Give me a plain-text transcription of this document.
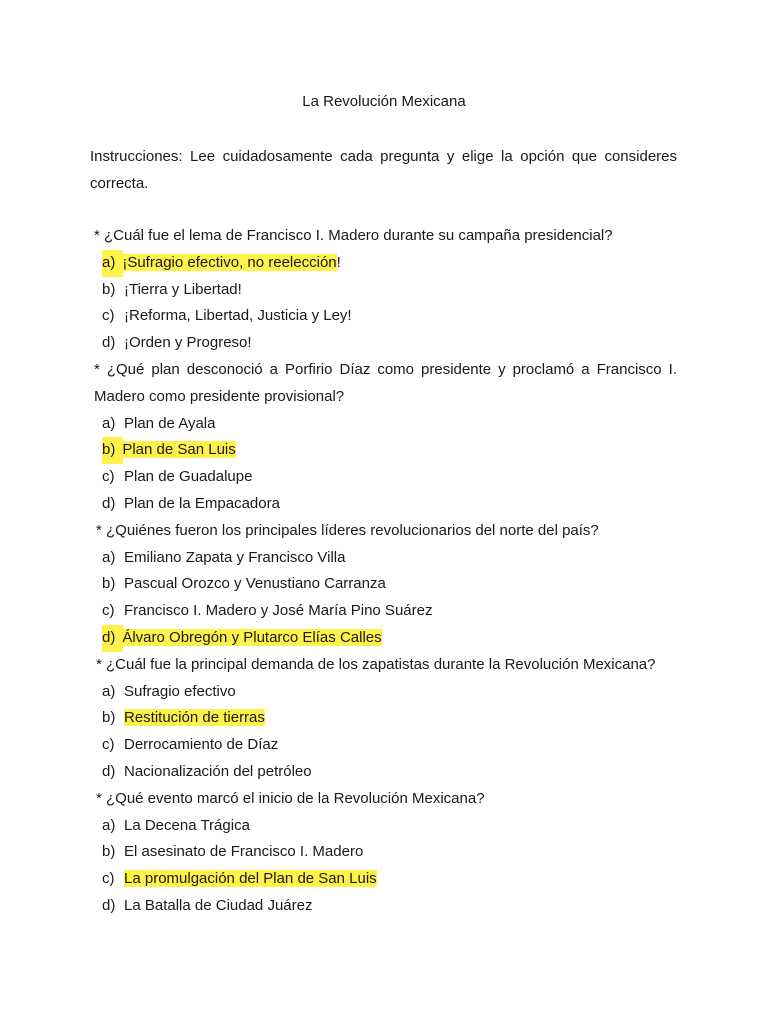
La Revolución Mexicana

Instrucciones: Lee cuidadosamente cada pregunta y elige la opción que consideres correcta.

* ¿Cuál fue el lema de Francisco I. Madero durante su campaña presidencial?
a) ¡Sufragio efectivo, no reelección!
b) ¡Tierra y Libertad!
c) ¡Reforma, Libertad, Justicia y Ley!
d) ¡Orden y Progreso!
* ¿Qué plan desconoció a Porfirio Díaz como presidente y proclamó a Francisco I. Madero como presidente provisional?
a) Plan de Ayala
b) Plan de San Luis
c) Plan de Guadalupe
d) Plan de la Empacadora
* ¿Quiénes fueron los principales líderes revolucionarios del norte del país?
a) Emiliano Zapata y Francisco Villa
b) Pascual Orozco y Venustiano Carranza
c) Francisco I. Madero y José María Pino Suárez
d) Álvaro Obregón y Plutarco Elías Calles
* ¿Cuál fue la principal demanda de los zapatistas durante la Revolución Mexicana?
a) Sufragio efectivo
b) Restitución de tierras
c) Derrocamiento de Díaz
d) Nacionalización del petróleo
* ¿Qué evento marcó el inicio de la Revolución Mexicana?
a) La Decena Trágica
b) El asesinato de Francisco I. Madero
c) La promulgación del Plan de San Luis
d) La Batalla de Ciudad Juárez
